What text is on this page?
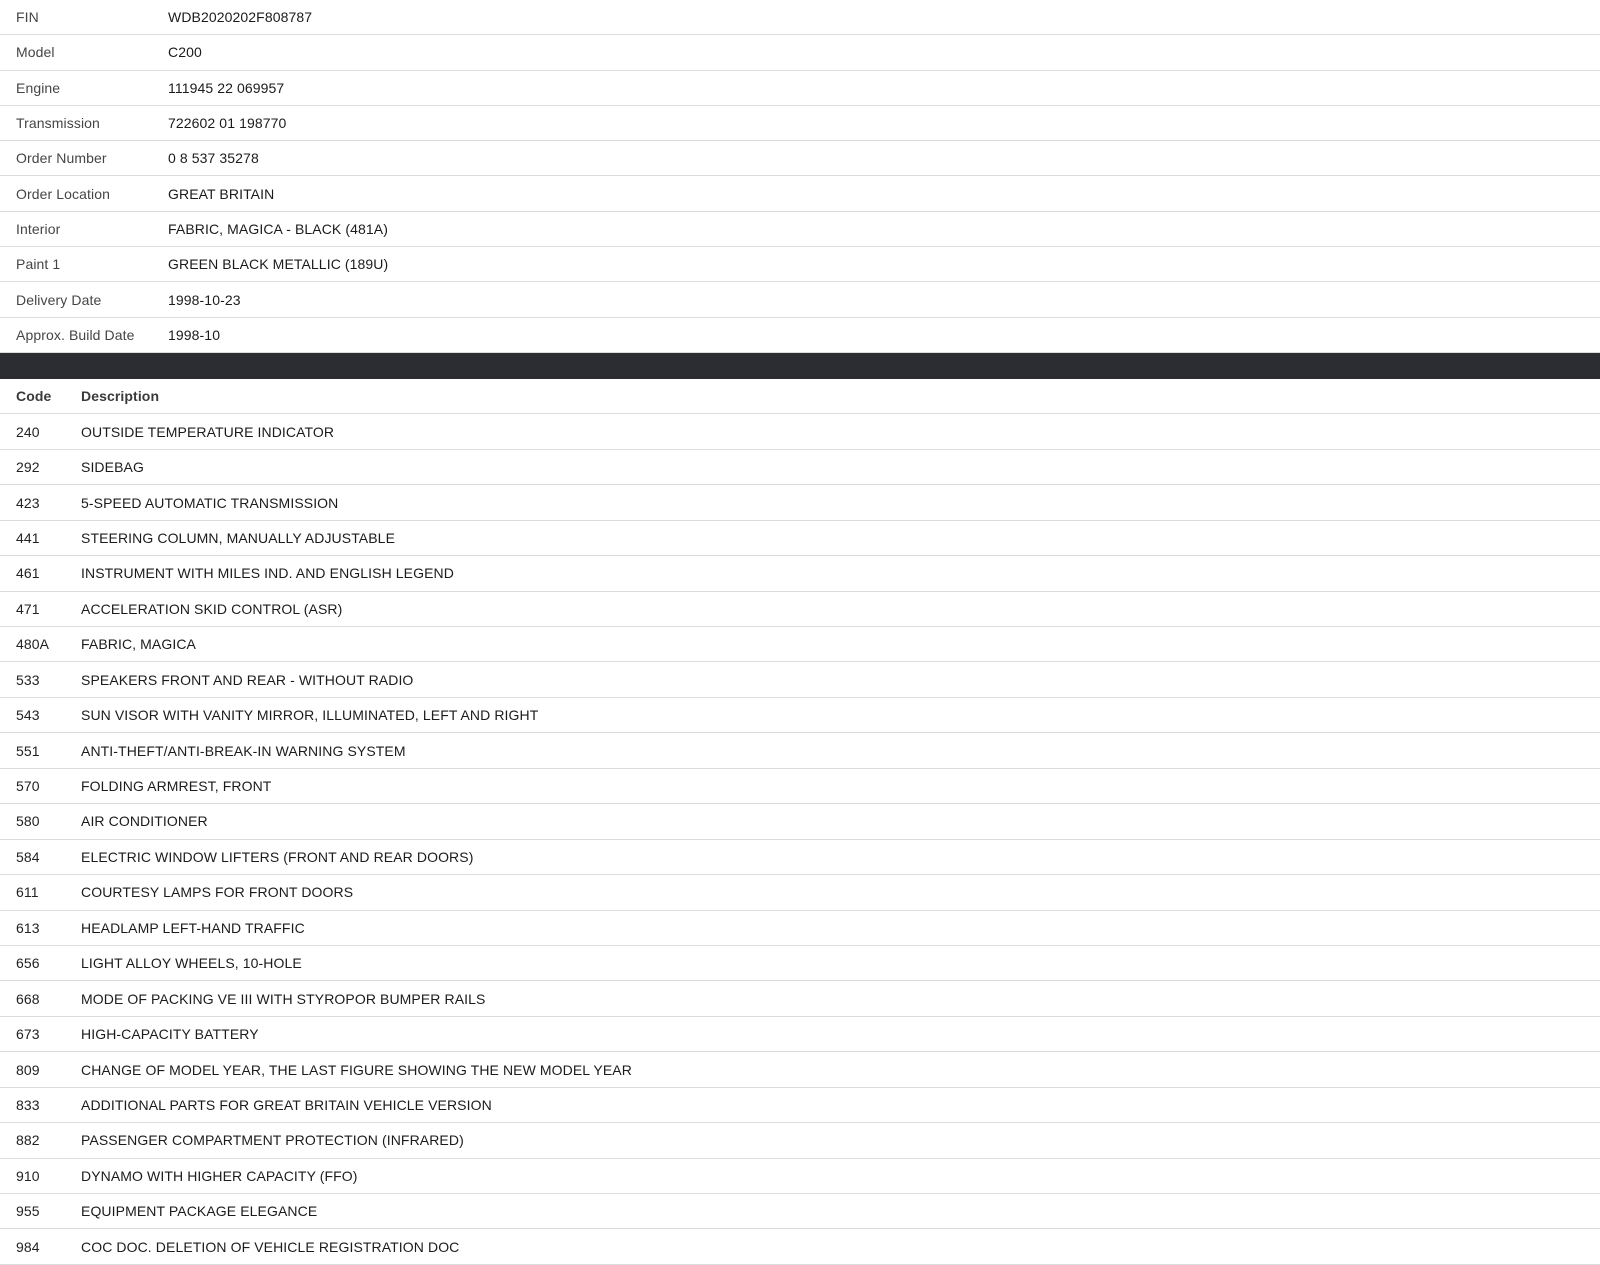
FIN	WDB2020202F808787
Model	C200
Engine	111945 22 069957
Transmission	722602 01 198770
Order Number	0 8 537 35278
Order Location	GREAT BRITAIN
Interior	FABRIC, MAGICA - BLACK (481A)
Paint 1	GREEN BLACK METALLIC (189U)
Delivery Date	1998-10-23
Approx. Build Date	1998-10
Code	Description
240	OUTSIDE TEMPERATURE INDICATOR
292	SIDEBAG
423	5-SPEED AUTOMATIC TRANSMISSION
441	STEERING COLUMN, MANUALLY ADJUSTABLE
461	INSTRUMENT WITH MILES IND. AND ENGLISH LEGEND
471	ACCELERATION SKID CONTROL (ASR)
480A	FABRIC, MAGICA
533	SPEAKERS FRONT AND REAR - WITHOUT RADIO
543	SUN VISOR WITH VANITY MIRROR, ILLUMINATED, LEFT AND RIGHT
551	ANTI-THEFT/ANTI-BREAK-IN WARNING SYSTEM
570	FOLDING ARMREST, FRONT
580	AIR CONDITIONER
584	ELECTRIC WINDOW LIFTERS (FRONT AND REAR DOORS)
611	COURTESY LAMPS FOR FRONT DOORS
613	HEADLAMP LEFT-HAND TRAFFIC
656	LIGHT ALLOY WHEELS, 10-HOLE
668	MODE OF PACKING VE III WITH STYROPOR BUMPER RAILS
673	HIGH-CAPACITY BATTERY
809	CHANGE OF MODEL YEAR, THE LAST FIGURE SHOWING THE NEW MODEL YEAR
833	ADDITIONAL PARTS FOR GREAT BRITAIN VEHICLE VERSION
882	PASSENGER COMPARTMENT PROTECTION (INFRARED)
910	DYNAMO WITH HIGHER CAPACITY (FFO)
955	EQUIPMENT PACKAGE ELEGANCE
984	COC DOC. DELETION OF VEHICLE REGISTRATION DOC
